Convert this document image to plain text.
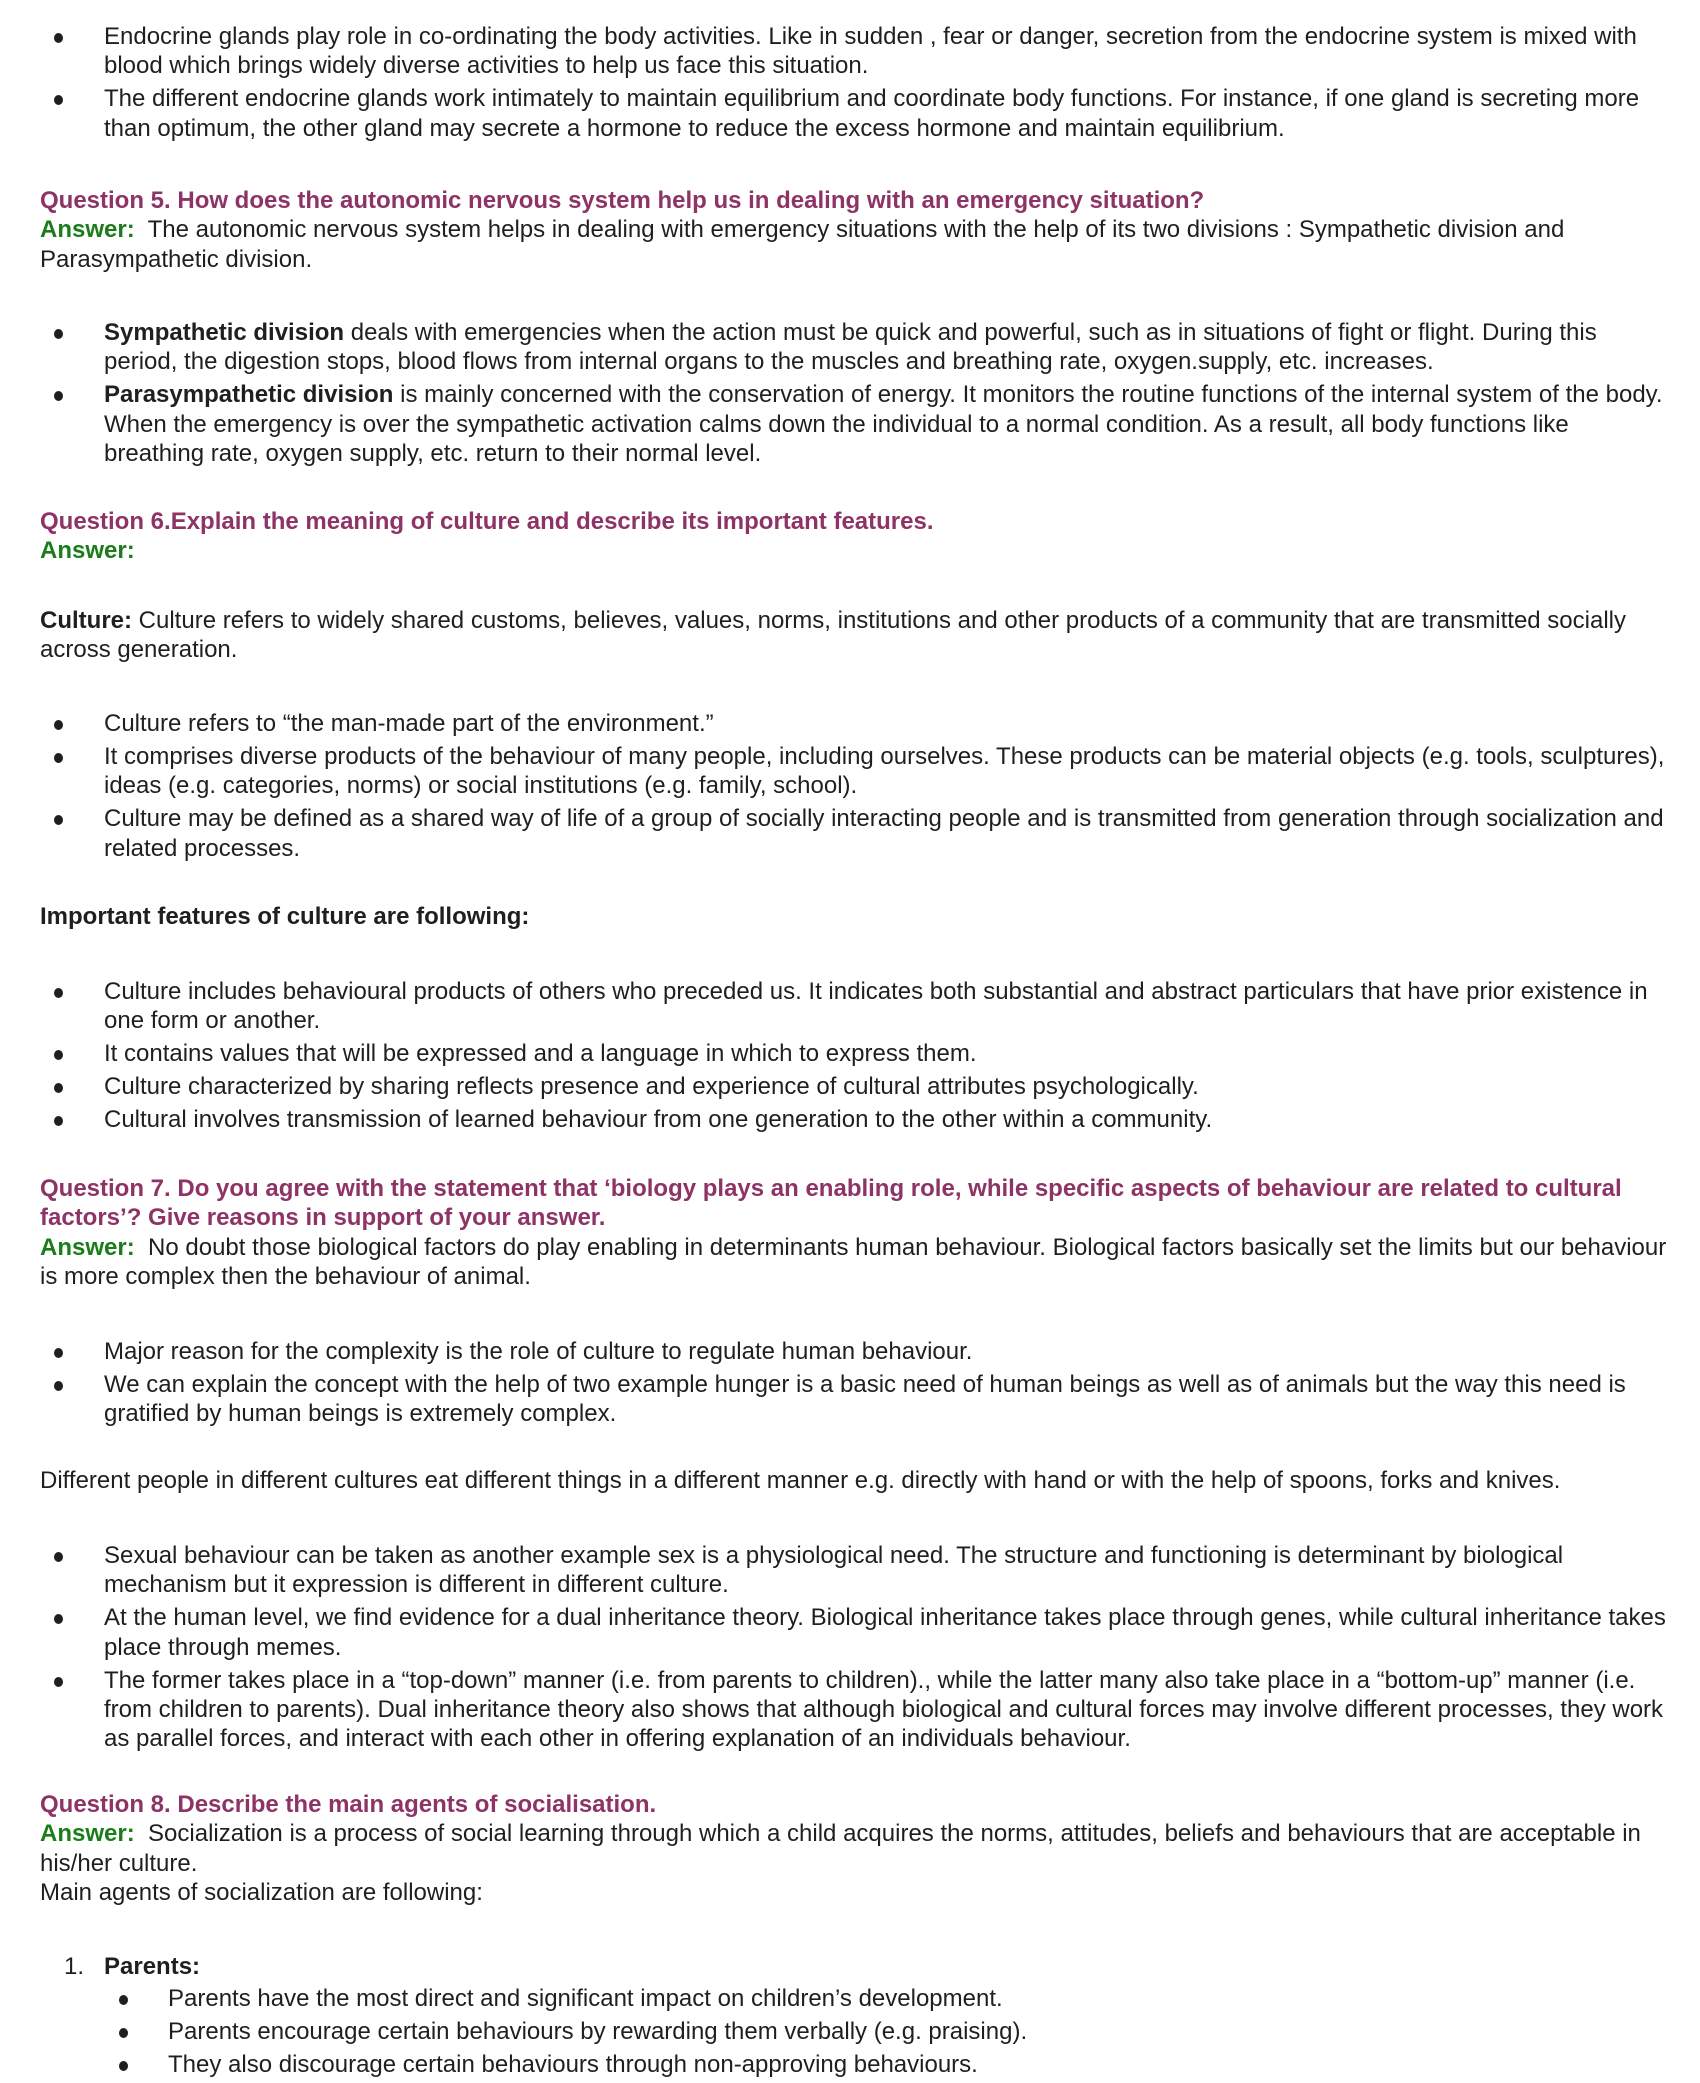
Endocrine glands play role in co-ordinating the body activities. Like in sudden , fear or danger, secretion from the endocrine system is mixed with blood which brings widely diverse activities to help us face this situation.
The different endocrine glands work intimately to maintain equilibrium and coordinate body functions. For instance, if one gland is secreting more than optimum, the other gland may secrete a hormone to reduce the excess hormone and maintain equilibrium.
Question 5. How does the autonomic nervous system help us in dealing with an emergency situation?
Answer: The autonomic nervous system helps in dealing with emergency situations with the help of its two divisions : Sympathetic division and Parasympathetic division.
Sympathetic division deals with emergencies when the action must be quick and powerful, such as in situations of fight or flight. During this period, the digestion stops, blood flows from internal organs to the muscles and breathing rate, oxygen.supply, etc. increases.
Parasympathetic division is mainly concerned with the conservation of energy. It monitors the routine functions of the internal system of the body. When the emergency is over the sympathetic activation calms down the individual to a normal condition. As a result, all body functions like breathing rate, oxygen supply, etc. return to their normal level.
Question 6.Explain the meaning of culture and describe its important features.
Answer:
Culture: Culture refers to widely shared customs, believes, values, norms, institutions and other products of a community that are transmitted socially across generation.
Culture refers to “the man-made part of the environment.”
It comprises diverse products of the behaviour of many people, including ourselves. These products can be material objects (e.g. tools, sculptures), ideas (e.g. categories, norms) or social institutions (e.g. family, school).
Culture may be defined as a shared way of life of a group of socially interacting people and is transmitted from generation through socialization and related processes.
Important features of culture are following:
Culture includes behavioural products of others who preceded us. It indicates both substantial and abstract particulars that have prior existence in one form or another.
It contains values that will be expressed and a language in which to express them.
Culture characterized by sharing reflects presence and experience of cultural attributes psychologically.
Cultural involves transmission of learned behaviour from one generation to the other within a community.
Question 7. Do you agree with the statement that ‘biology plays an enabling role, while specific aspects of behaviour are related to cultural factors’? Give reasons in support of your answer.
Answer: No doubt those biological factors do play enabling in determinants human behaviour. Biological factors basically set the limits but our behaviour is more complex then the behaviour of animal.
Major reason for the complexity is the role of culture to regulate human behaviour.
We can explain the concept with the help of two example hunger is a basic need of human beings as well as of animals but the way this need is gratified by human beings is extremely complex.
Different people in different cultures eat different things in a different manner e.g. directly with hand or with the help of spoons, forks and knives.
Sexual behaviour can be taken as another example sex is a physiological need. The structure and functioning is determinant by biological mechanism but it expression is different in different culture.
At the human level, we find evidence for a dual inheritance theory. Biological inheritance takes place through genes, while cultural inheritance takes place through memes.
The former takes place in a “top-down” manner (i.e. from parents to children)., while the latter many also take place in a “bottom-up” manner (i.e. from children to parents). Dual inheritance theory also shows that although biological and cultural forces may involve different processes, they work as parallel forces, and interact with each other in offering explanation of an individuals behaviour.
Question 8. Describe the main agents of socialisation.
Answer: Socialization is a process of social learning through which a child acquires the norms, attitudes, beliefs and behaviours that are acceptable in his/her culture.
Main agents of socialization are following:
1. Parents:
Parents have the most direct and significant impact on children’s development.
Parents encourage certain behaviours by rewarding them verbally (e.g. praising).
They also discourage certain behaviours through non-approving behaviours.
